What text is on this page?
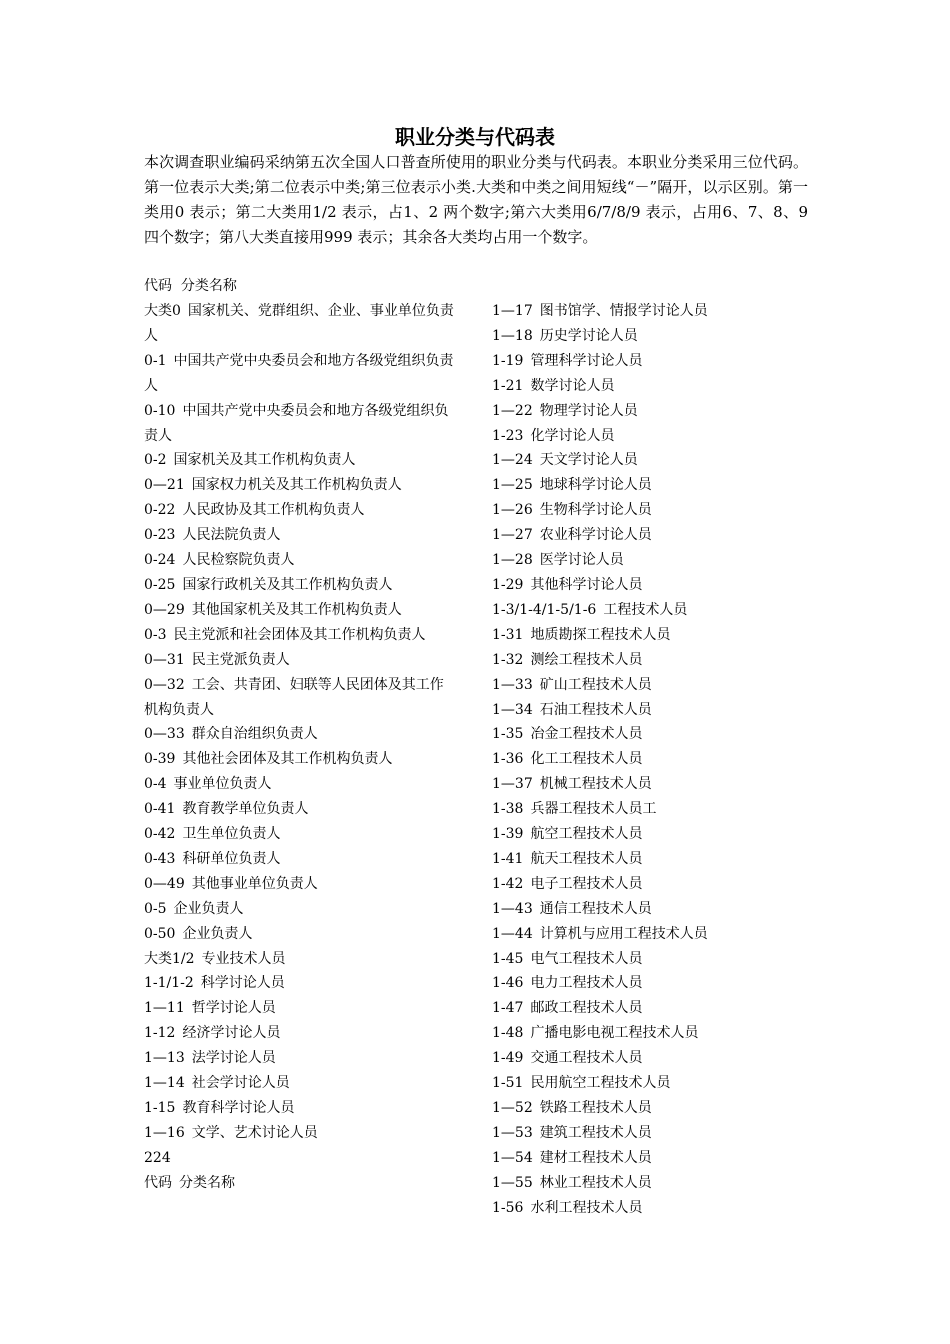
职业分类与代码表
本次调查职业编码采纳第五次全国人口普查所使用的职业分类与代码表。本职业分类采用三位代码。第一位表示大类;第二位表示中类;第三位表示小类.大类和中类之间用短线“－”隔开，以示区别。第一类用0 表示；第二大类用1/2 表示，占1、2 两个数字;第六大类用6/7/8/9 表示，占用6、7、8、9 四个数字；第八大类直接用999 表示；其余各大类均占用一个数字。
代码 分类名称
大类0 国家机关、党群组织、企业、事业单位负责人
0-1 中国共产党中央委员会和地方各级党组织负责人
0-10 中国共产党中央委员会和地方各级党组织负责人
0-2 国家机关及其工作机构负责人
0—21 国家权力机关及其工作机构负责人
0-22 人民政协及其工作机构负责人
0-23 人民法院负责人
0-24 人民检察院负责人
0-25 国家行政机关及其工作机构负责人
0—29 其他国家机关及其工作机构负责人
0-3 民主党派和社会团体及其工作机构负责人
0—31 民主党派负责人
0—32 工会、共青团、妇联等人民团体及其工作机构负责人
0—33 群众自治组织负责人
0-39 其他社会团体及其工作机构负责人
0-4 事业单位负责人
0-41 教育教学单位负责人
0-42 卫生单位负责人
0-43 科研单位负责人
0—49 其他事业单位负责人
0-5 企业负责人
0-50 企业负责人
大类1/2 专业技术人员
1-1/1-2 科学讨论人员
1—11 哲学讨论人员
1-12 经济学讨论人员
1—13 法学讨论人员
1—14 社会学讨论人员
1-15 教育科学讨论人员
1—16 文学、艺术讨论人员
224
代码 分类名称
1—17 图书馆学、情报学讨论人员
1—18 历史学讨论人员
1-19 管理科学讨论人员
1-21 数学讨论人员
1—22 物理学讨论人员
1-23 化学讨论人员
1—24 天文学讨论人员
1—25 地球科学讨论人员
1—26 生物科学讨论人员
1—27 农业科学讨论人员
1—28 医学讨论人员
1-29 其他科学讨论人员
1-3/1-4/1-5/1-6 工程技术人员
1-31 地质勘探工程技术人员
1-32 测绘工程技术人员
1—33 矿山工程技术人员
1—34 石油工程技术人员
1-35 冶金工程技术人员
1-36 化工工程技术人员
1—37 机械工程技术人员
1-38 兵器工程技术人员工
1-39 航空工程技术人员
1-41 航天工程技术人员
1-42 电子工程技术人员
1—43 通信工程技术人员
1—44 计算机与应用工程技术人员
1-45 电气工程技术人员
1-46 电力工程技术人员
1-47 邮政工程技术人员
1-48 广播电影电视工程技术人员
1-49 交通工程技术人员
1-51 民用航空工程技术人员
1—52 铁路工程技术人员
1—53 建筑工程技术人员
1—54 建材工程技术人员
1—55 林业工程技术人员
1-56 水利工程技术人员
